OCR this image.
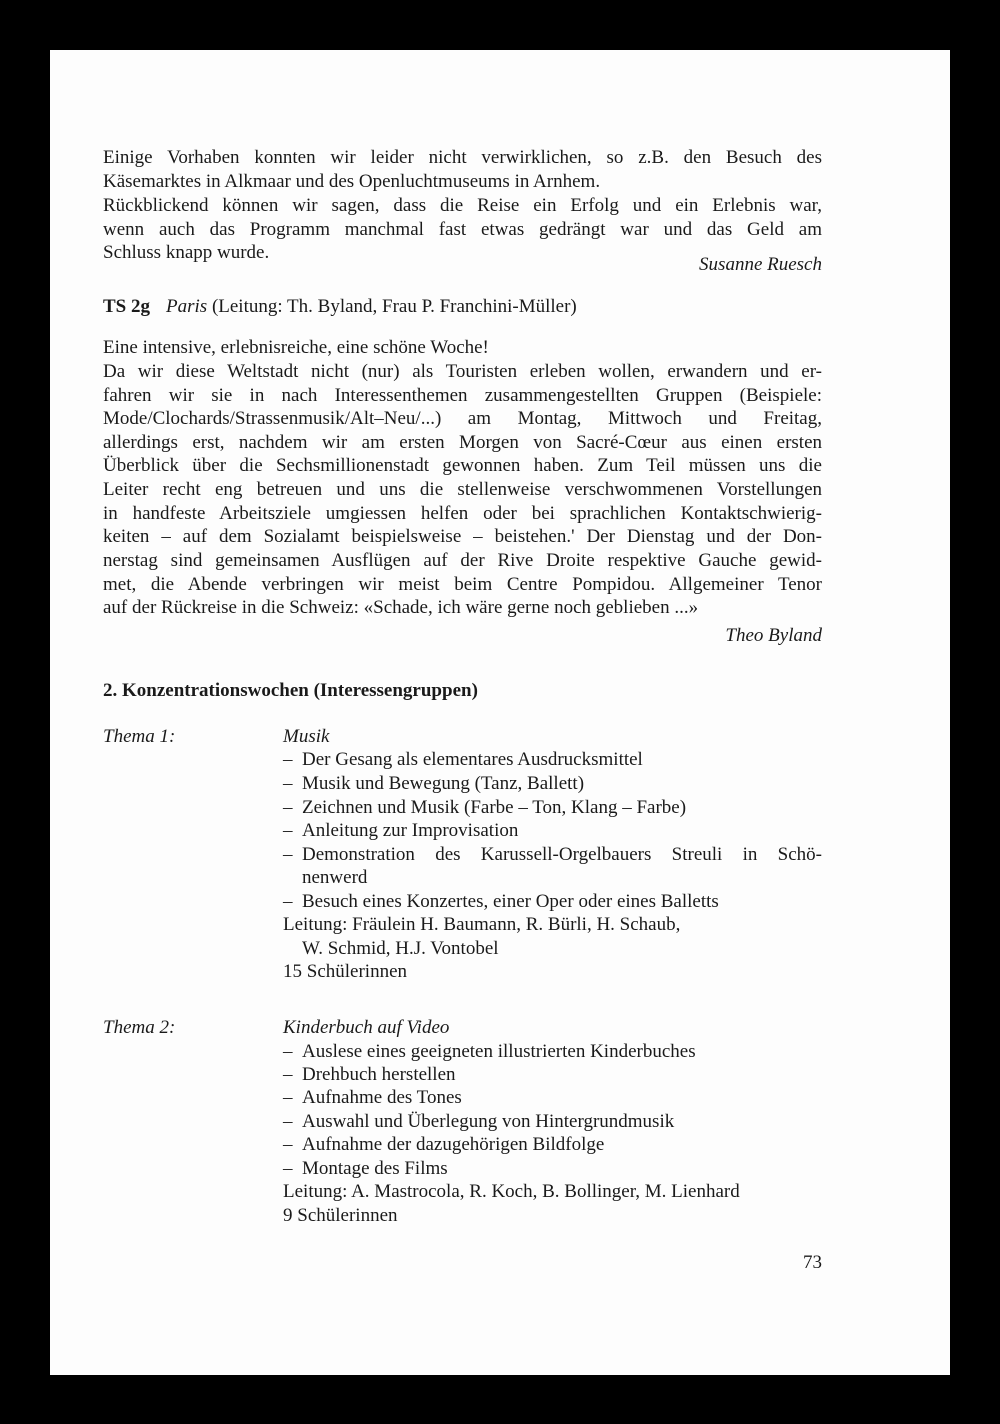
Einige Vorhaben konnten wir leider nicht verwirklichen, so z.B. den Besuch des
Käsemarktes in Alkmaar und des Openluchtmuseums in Arnhem.
Rückblickend können wir sagen, dass die Reise ein Erfolg und ein Erlebnis war,
wenn auch das Programm manchmal fast etwas gedrängt war und das Geld am
Schluss knapp wurde.
Susanne Ruesch
TS 2g Paris (Leitung: Th. Byland, Frau P. Franchini-Müller)
Eine intensive, erlebnisreiche, eine schöne Woche!
Da wir diese Weltstadt nicht (nur) als Touristen erleben wollen, erwandern und er-
fahren wir sie in nach Interessenthemen zusammengestellten Gruppen (Beispiele:
Mode/Clochards/Strassenmusik/Alt–Neu/...) am Montag, Mittwoch und Freitag,
allerdings erst, nachdem wir am ersten Morgen von Sacré-Cœur aus einen ersten
Überblick über die Sechsmillionenstadt gewonnen haben. Zum Teil müssen uns die
Leiter recht eng betreuen und uns die stellenweise verschwommenen Vorstellungen
in handfeste Arbeitsziele umgiessen helfen oder bei sprachlichen Kontaktschwierig-
keiten – auf dem Sozialamt beispielsweise – beistehen.' Der Dienstag und der Don-
nerstag sind gemeinsamen Ausflügen auf der Rive Droite respektive Gauche gewid-
met, die Abende verbringen wir meist beim Centre Pompidou. Allgemeiner Tenor
auf der Rückreise in die Schweiz: «Schade, ich wäre gerne noch geblieben ...»
Theo Byland
2. Konzentrationswochen (Interessengruppen)
Thema 1:	Musik
– Der Gesang als elementares Ausdrucksmittel
– Musik und Bewegung (Tanz, Ballett)
– Zeichnen und Musik (Farbe – Ton, Klang – Farbe)
– Anleitung zur Improvisation
– Demonstration des Karussell-Orgelbauers Streuli in Schö-
nenwerd
– Besuch eines Konzertes, einer Oper oder eines Balletts
Leitung: Fräulein H. Baumann, R. Bürli, H. Schaub,
W. Schmid, H.J. Vontobel
15 Schülerinnen
Thema 2:	Kinderbuch auf Video
– Auslese eines geeigneten illustrierten Kinderbuches
– Drehbuch herstellen
– Aufnahme des Tones
– Auswahl und Überlegung von Hintergrundmusik
– Aufnahme der dazugehörigen Bildfolge
– Montage des Films
Leitung: A. Mastrocola, R. Koch, B. Bollinger, M. Lienhard
9 Schülerinnen
73
